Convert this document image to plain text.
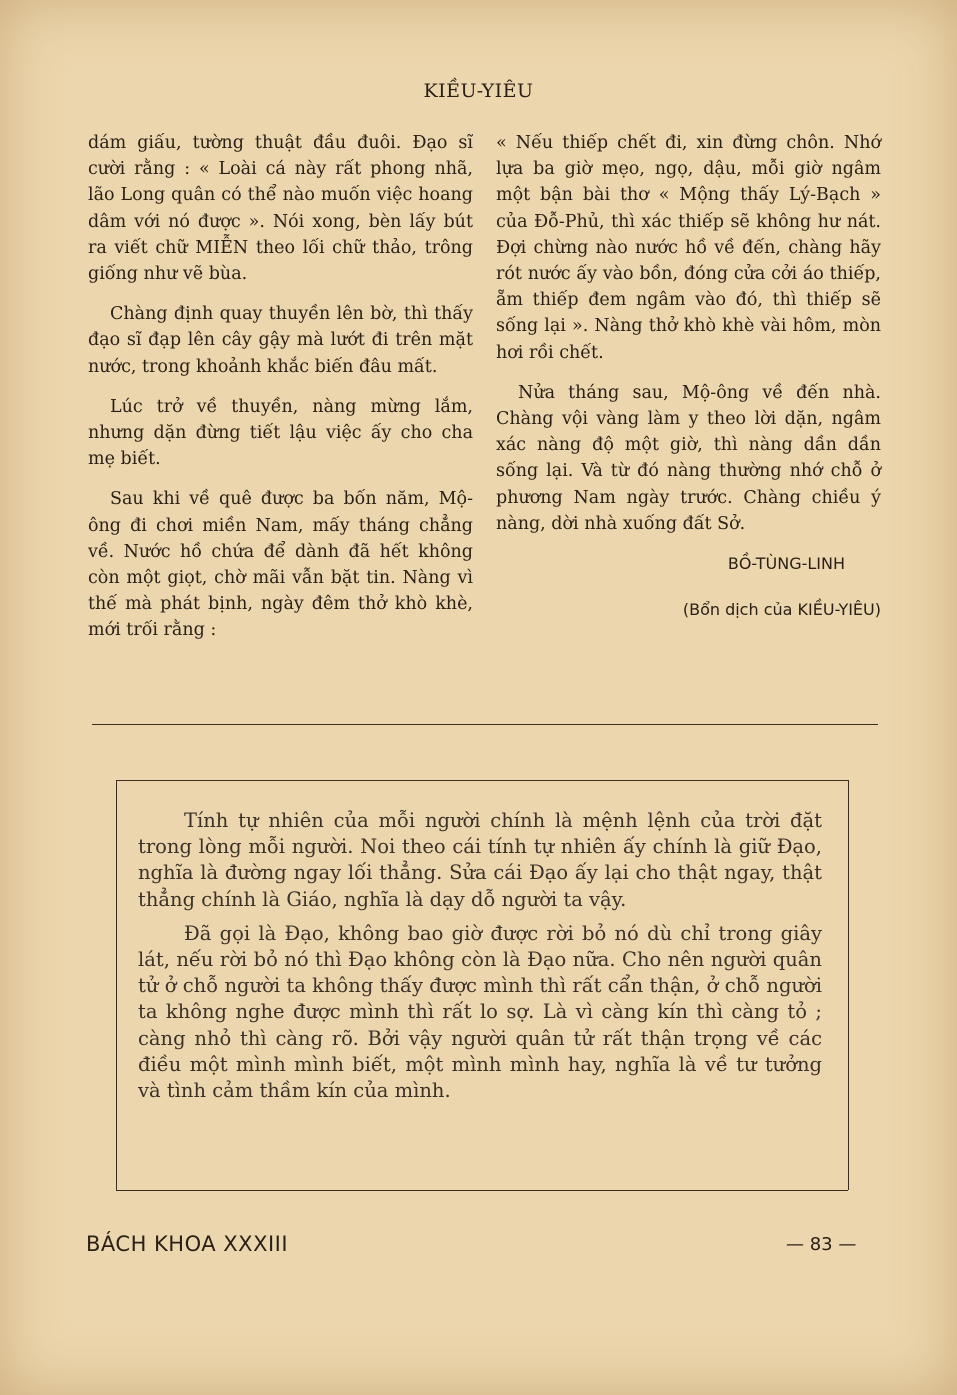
KIỀU-YIÊU

dám giấu, tường thuật đầu đuôi. Đạo sĩ cười rằng : « Loài cá này rất phong nhã, lão Long quân có thể nào muốn việc hoang dâm với nó được ». Nói xong, bèn lấy bút ra viết chữ MIỄN theo lối chữ thảo, trông giống như vẽ bùa.

Chàng định quay thuyền lên bờ, thì thấy đạo sĩ đạp lên cây gậy mà lướt đi trên mặt nước, trong khoảnh khắc biến đâu mất.

Lúc trở về thuyền, nàng mừng lắm, nhưng dặn đừng tiết lậu việc ấy cho cha mẹ biết.

Sau khi về quê được ba bốn năm, Mộ-ông đi chơi miền Nam, mấy tháng chẳng về. Nước hồ chứa để dành đã hết không còn một giọt, chờ mãi vẫn bặt tin. Nàng vì thế mà phát bịnh, ngày đêm thở khò khè, mới trối rằng :

« Nếu thiếp chết đi, xin đừng chôn. Nhớ lựa ba giờ mẹo, ngọ, dậu, mỗi giờ ngâm một bận bài thơ « Mộng thấy Lý-Bạch » của Đỗ-Phủ, thì xác thiếp sẽ không hư nát. Đợi chừng nào nước hồ về đến, chàng hãy rót nước ấy vào bồn, đóng cửa cởi áo thiếp, ẵm thiếp đem ngâm vào đó, thì thiếp sẽ sống lại ». Nàng thở khò khè vài hôm, mòn hơi rồi chết.

Nửa tháng sau, Mộ-ông về đến nhà. Chàng vội vàng làm y theo lời dặn, ngâm xác nàng độ một giờ, thì nàng dần dần sống lại. Và từ đó nàng thường nhớ chỗ ở phương Nam ngày trước. Chàng chiều ý nàng, dời nhà xuống đất Sở.

BỒ-TÙNG-LINH

(Bổn dịch của KIỀU-YIÊU)

Tính tự nhiên của mỗi người chính là mệnh lệnh của trời đặt trong lòng mỗi người. Noi theo cái tính tự nhiên ấy chính là giữ Đạo, nghĩa là đường ngay lối thẳng. Sửa cái Đạo ấy lại cho thật ngay, thật thẳng chính là Giáo, nghĩa là dạy dỗ người ta vậy.

Đã gọi là Đạo, không bao giờ được rời bỏ nó dù chỉ trong giây lát, nếu rời bỏ nó thì Đạo không còn là Đạo nữa. Cho nên người quân tử ở chỗ người ta không thấy được mình thì rất cẩn thận, ở chỗ người ta không nghe được mình thì rất lo sợ. Là vì càng kín thì càng tỏ ; càng nhỏ thì càng rõ. Bởi vậy người quân tử rất thận trọng về các điều một mình mình biết, một mình mình hay, nghĩa là về tư tưởng và tình cảm thầm kín của mình.

BÁCH KHOA XXXIII	— 83 —
